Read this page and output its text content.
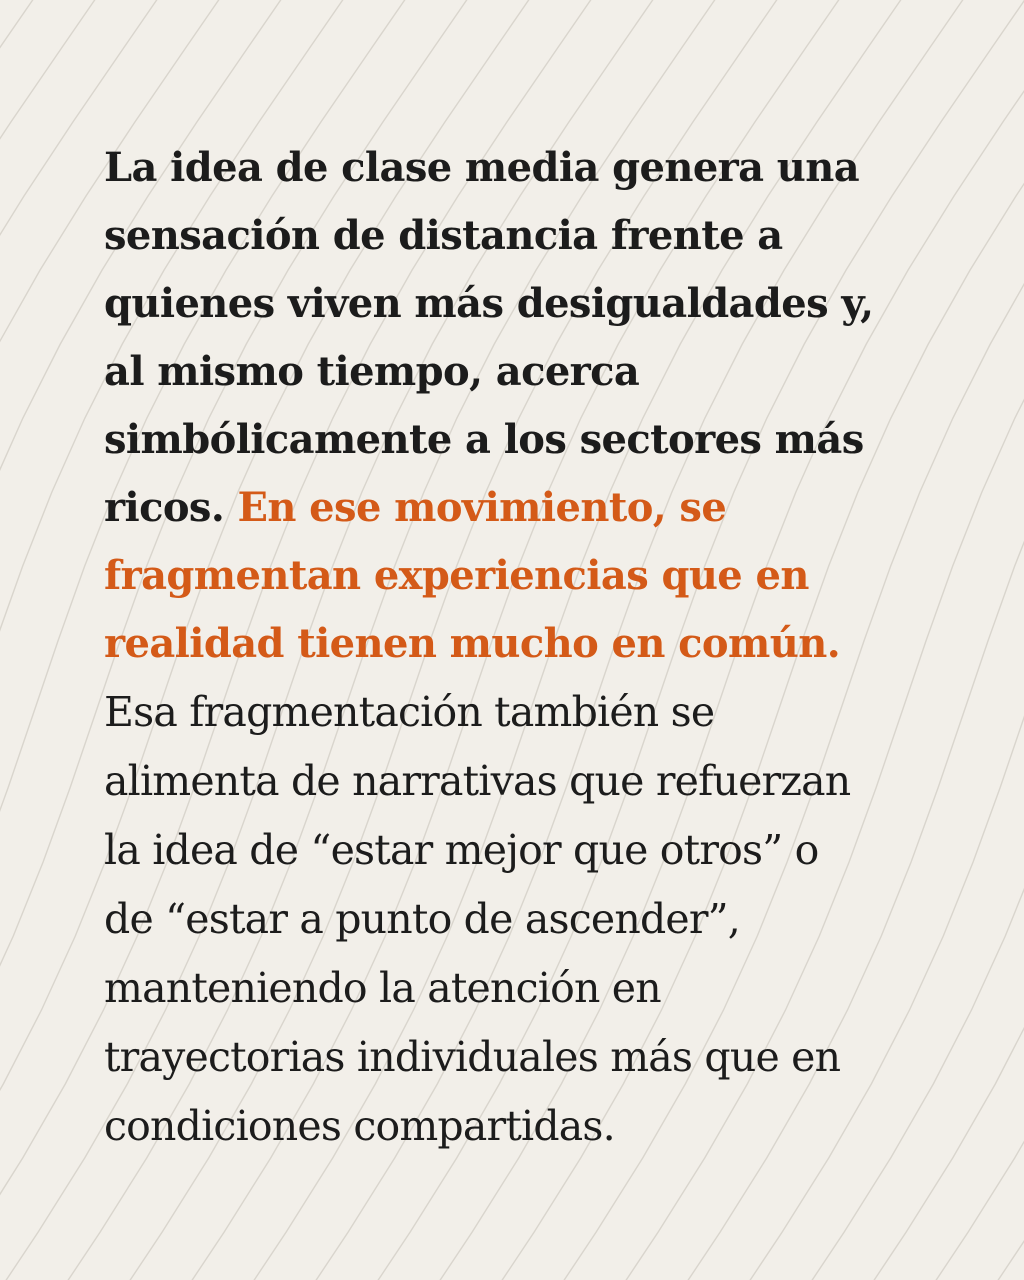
La idea de clase media genera una
sensación de distancia frente a
quienes viven más desigualdades y,
al mismo tiempo, acerca
simbólicamente a los sectores más
ricos. En ese movimiento, se
fragmentan experiencias que en
realidad tienen mucho en común.
Esa fragmentación también se
alimenta de narrativas que refuerzan
la idea de “estar mejor que otros” o
de “estar a punto de ascender”,
manteniendo la atención en
trayectorias individuales más que en
condiciones compartidas.
